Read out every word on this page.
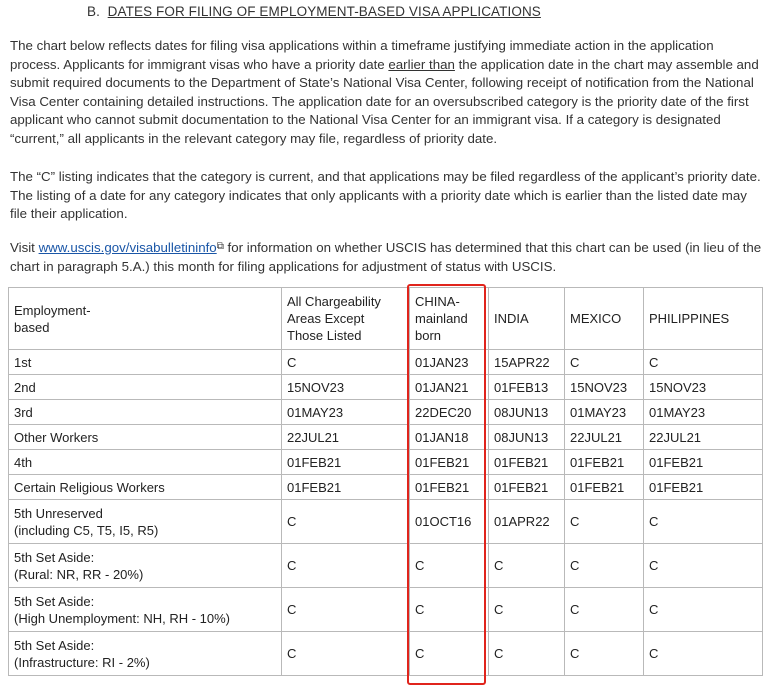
B. DATES FOR FILING OF EMPLOYMENT-BASED VISA APPLICATIONS

The chart below reflects dates for filing visa applications within a timeframe justifying immediate action in the application process. Applicants for immigrant visas who have a priority date earlier than the application date in the chart may assemble and submit required documents to the Department of State’s National Visa Center, following receipt of notification from the National Visa Center containing detailed instructions. The application date for an oversubscribed category is the priority date of the first applicant who cannot submit documentation to the National Visa Center for an immigrant visa. If a category is designated “current,” all applicants in the relevant category may file, regardless of priority date.

The “C” listing indicates that the category is current, and that applications may be filed regardless of the applicant’s priority date. The listing of a date for any category indicates that only applicants with a priority date which is earlier than the listed date may file their application.

Visit www.uscis.gov/visabulletininfo⧉ for information on whether USCIS has determined that this chart can be used (in lieu of the chart in paragraph 5.A.) this month for filing applications for adjustment of status with USCIS.

Employment-
based	All Chargeability
Areas Except
Those Listed	CHINA-
mainland
born	INDIA	MEXICO	PHILIPPINES
1st	C	01JAN23	15APR22	C	C
2nd	15NOV23	01JAN21	01FEB13	15NOV23	15NOV23
3rd	01MAY23	22DEC20	08JUN13	01MAY23	01MAY23
Other Workers	22JUL21	01JAN18	08JUN13	22JUL21	22JUL21
4th	01FEB21	01FEB21	01FEB21	01FEB21	01FEB21
Certain Religious Workers	01FEB21	01FEB21	01FEB21	01FEB21	01FEB21
5th Unreserved
(including C5, T5, I5, R5)	C	01OCT16	01APR22	C	C
5th Set Aside:
(Rural: NR, RR - 20%)	C	C	C	C	C
5th Set Aside:
(High Unemployment: NH, RH - 10%)	C	C	C	C	C
5th Set Aside:
(Infrastructure: RI - 2%)	C	C	C	C	C
